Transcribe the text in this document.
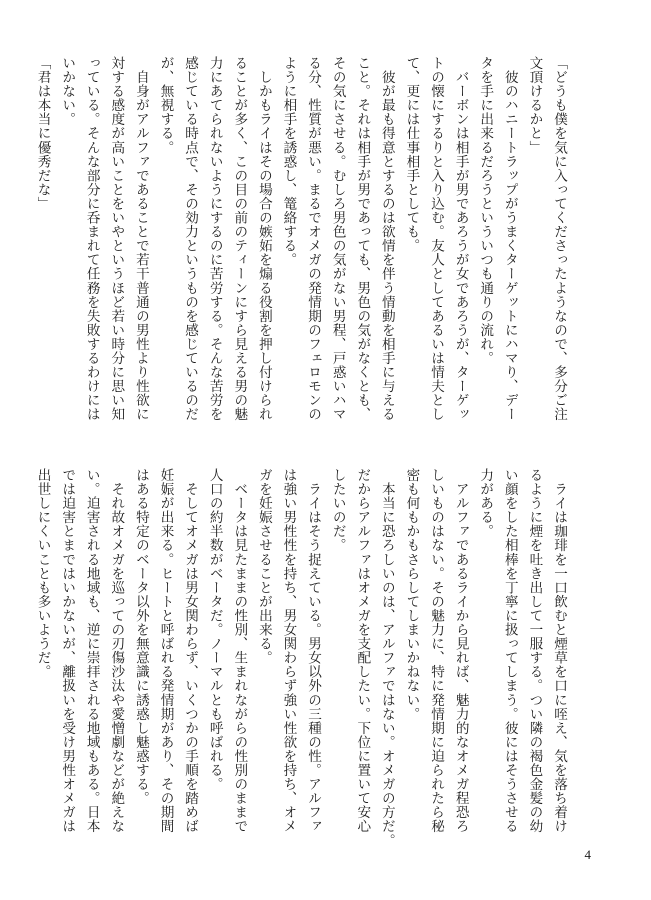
「どうも僕を気に入ってくださったようなので、多分ご注

文頂けるかと」

　彼のハニートラップがうまくターゲットにハマり、デー

タを手に出来るだろうといういつも通りの流れ。

　バーボンは相手が男であろうが女であろうが、ターゲッ

トの懐にするりと入り込む。友人としてあるいは情夫とし

て、更には仕事相手としても。

　彼が最も得意とするのは欲情を伴う情動を相手に与える

こと。それは相手が男であっても、男色の気がなくとも、

その気にさせる。むしろ男色の気がない男程、戸惑いハマ

る分、性質が悪い。まるでオメガの発情期のフェロモンの

ように相手を誘惑し、篭絡する。

　しかもライはその場合の嫉妬を煽る役割を押し付けられ

ることが多く、この目の前のティーンにすら見える男の魅

力にあてられないようにするのに苦労する。そんな苦労を

感じている時点で、その効力というものを感じているのだ

が、無視する。

　自身がアルファであることで若干普通の男性より性欲に

対する感度が高いことをいやというほど若い時分に思い知

っている。そんな部分に呑まれて任務を失敗するわけには

いかない。

「君は本当に優秀だな」

　ライは珈琲を一口飲むと煙草を口に咥え、気を落ち着け

るように煙を吐き出して一服する。つい隣の褐色金髪の幼

い顔をした相棒を丁寧に扱ってしまう。彼にはそうさせる

力がある。

　アルファであるライから見れば、魅力的なオメガ程恐ろ

しいものはない。その魅力に、特に発情期に迫られたら秘

密も何もかもさらしてしまいかねない。

　本当に恐ろしいのは、アルファではない。オメガの方だ。

だからアルファはオメガを支配したい。下位に置いて安心

したいのだ。

　ライはそう捉えている。男女以外の三種の性。アルファ

は強い男性性を持ち、男女関わらず強い性欲を持ち、オメ

ガを妊娠させることが出来る。

　ベータは見たままの性別、生まれながらの性別のままで

人口の約半数がベータだ。ノーマルとも呼ばれる。

　そしてオメガは男女関わらず、いくつかの手順を踏めば

妊娠が出来る。ヒートと呼ばれる発情期があり、その期間

はある特定のベータ以外を無意識に誘惑し魅惑する。

　それ故オメガを巡っての刃傷沙汰や愛憎劇などが絶えな

い。迫害される地域も、逆に崇拝される地域もある。日本

では迫害とまではいかないが、離扱いを受け男性オメガは

出世しにくいことも多いようだ。

4
